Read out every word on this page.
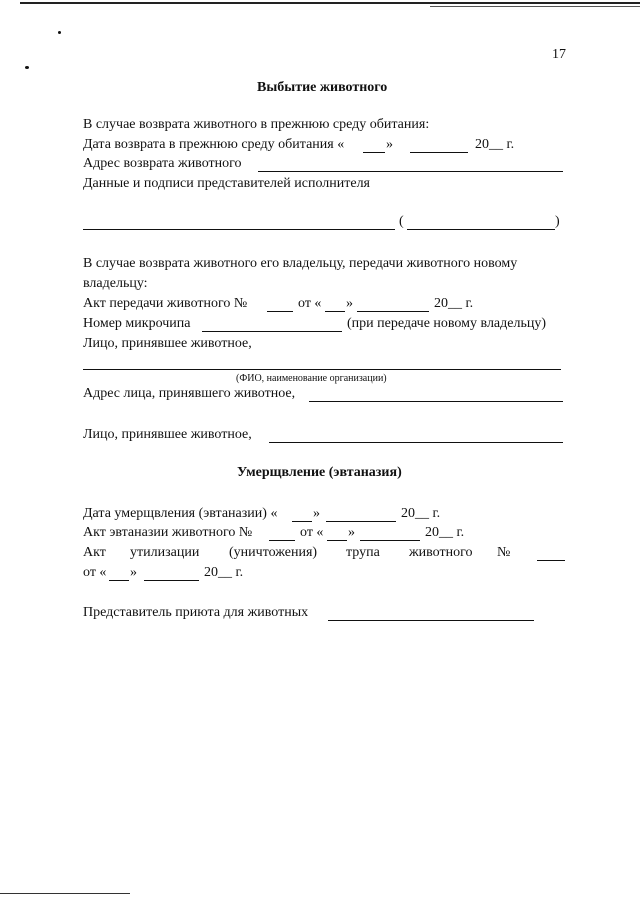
17
Выбытие животного
В случае возврата животного в прежнюю среду обитания:
Дата возврата в прежнюю среду обитания «	»	20__ г.
Адрес возврата животного
Данные и подписи представителей исполнителя
(	)
В случае возврата животного его владельцу, передачи животного новому
владельцу:
Акт передачи животного №	от « »	20__ г.
Номер микрочипа	(при передаче новому владельцу)
Лицо, принявшее животное,
(ФИО, наименование организации)
Адрес лица, принявшего животное,
Лицо, принявшее животное,
Умерщвление (эвтаназия)
Дата умерщвления (эвтаназии) «	»	20__ г.
Акт эвтаназии животного №	от « »	20__ г.
Акт утилизации (уничтожения) трупа животного №
от « »	20__ г.
Представитель приюта для животных
